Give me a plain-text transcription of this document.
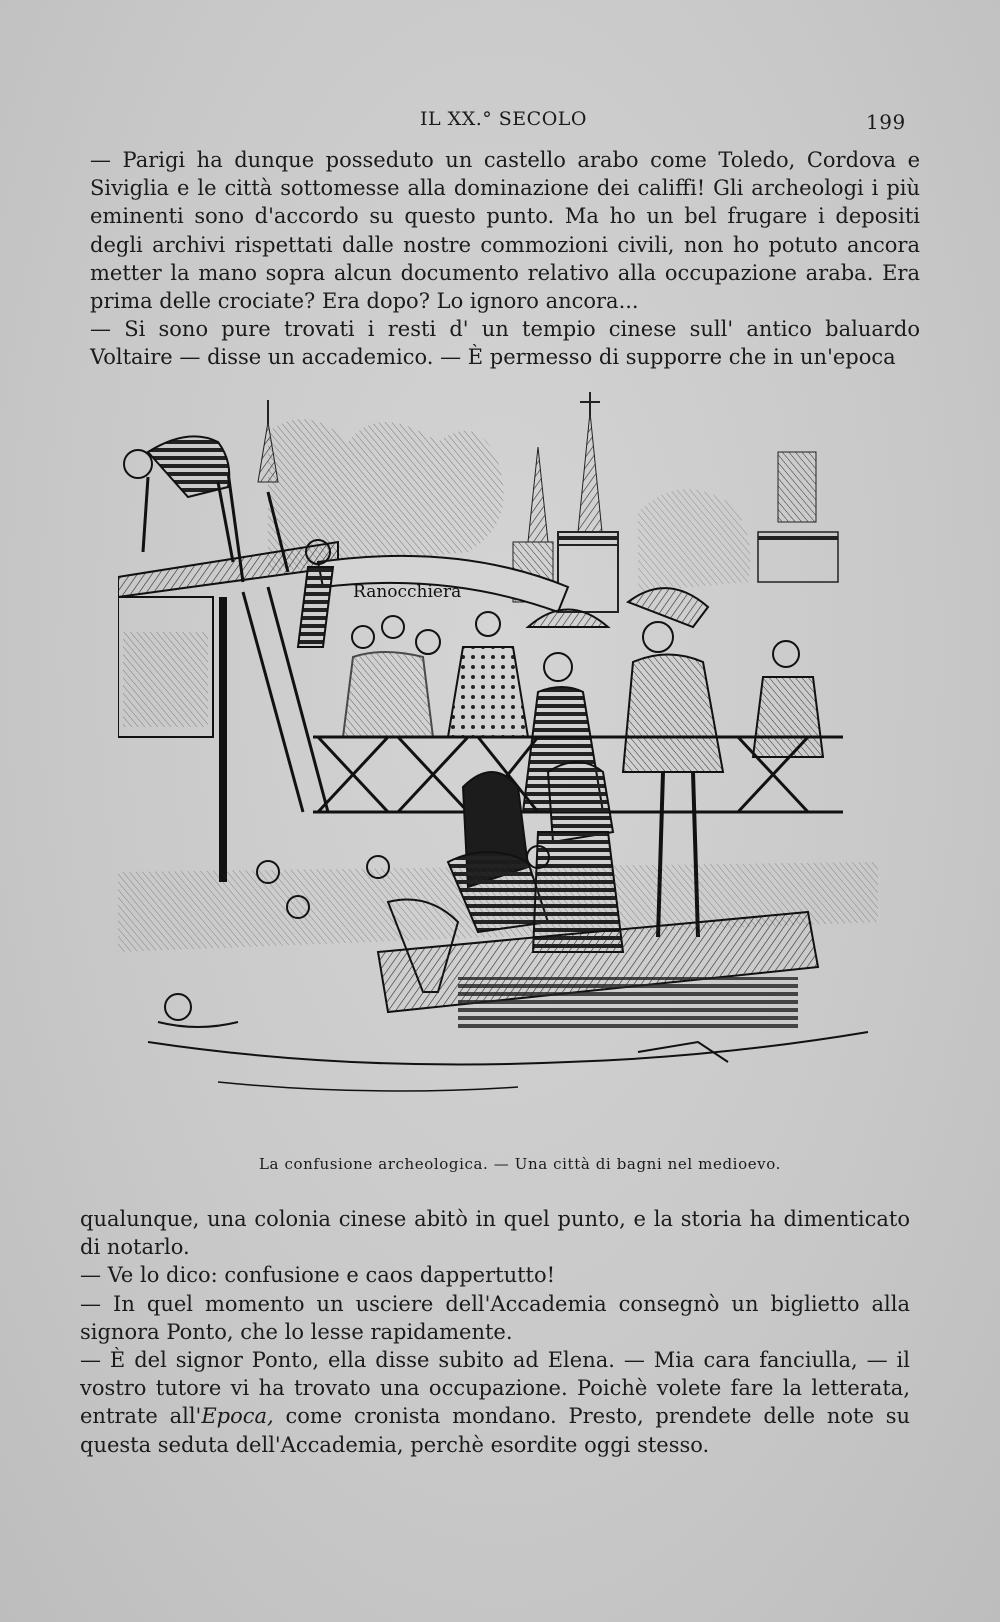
IL XX.° SECOLO	199

— Parigi ha dunque posseduto un castello arabo come Toledo, Cordova e Siviglia e le città sottomesse alla dominazione dei califfi! Gli archeologi i più eminenti sono d'accordo su questo punto. Ma ho un bel frugare i depositi degli archivi rispettati dalle nostre commozioni civili, non ho potuto ancora metter la mano sopra alcun documento relativo alla occupazione araba. Era prima delle crociate? Era dopo? Lo ignoro ancora...

— Si sono pure trovati i resti d' un tempio cinese sull' antico baluardo Voltaire — disse un accademico. — È permesso di supporre che in un'epoca

Ranocchiera
La confusione archeologica. — Una città di bagni nel medioevo.

qualunque, una colonia cinese abitò in quel punto, e la storia ha dimenticato di notarlo.

— Ve lo dico: confusione e caos dappertutto!

— In quel momento un usciere dell'Accademia consegnò un biglietto alla signora Ponto, che lo lesse rapidamente.

— È del signor Ponto, ella disse subito ad Elena. — Mia cara fanciulla, — il vostro tutore vi ha trovato una occupazione. Poichè volete fare la letterata, entrate all'Epoca, come cronista mondano. Presto, prendete delle note su questa seduta dell'Accademia, perchè esordite oggi stesso.
